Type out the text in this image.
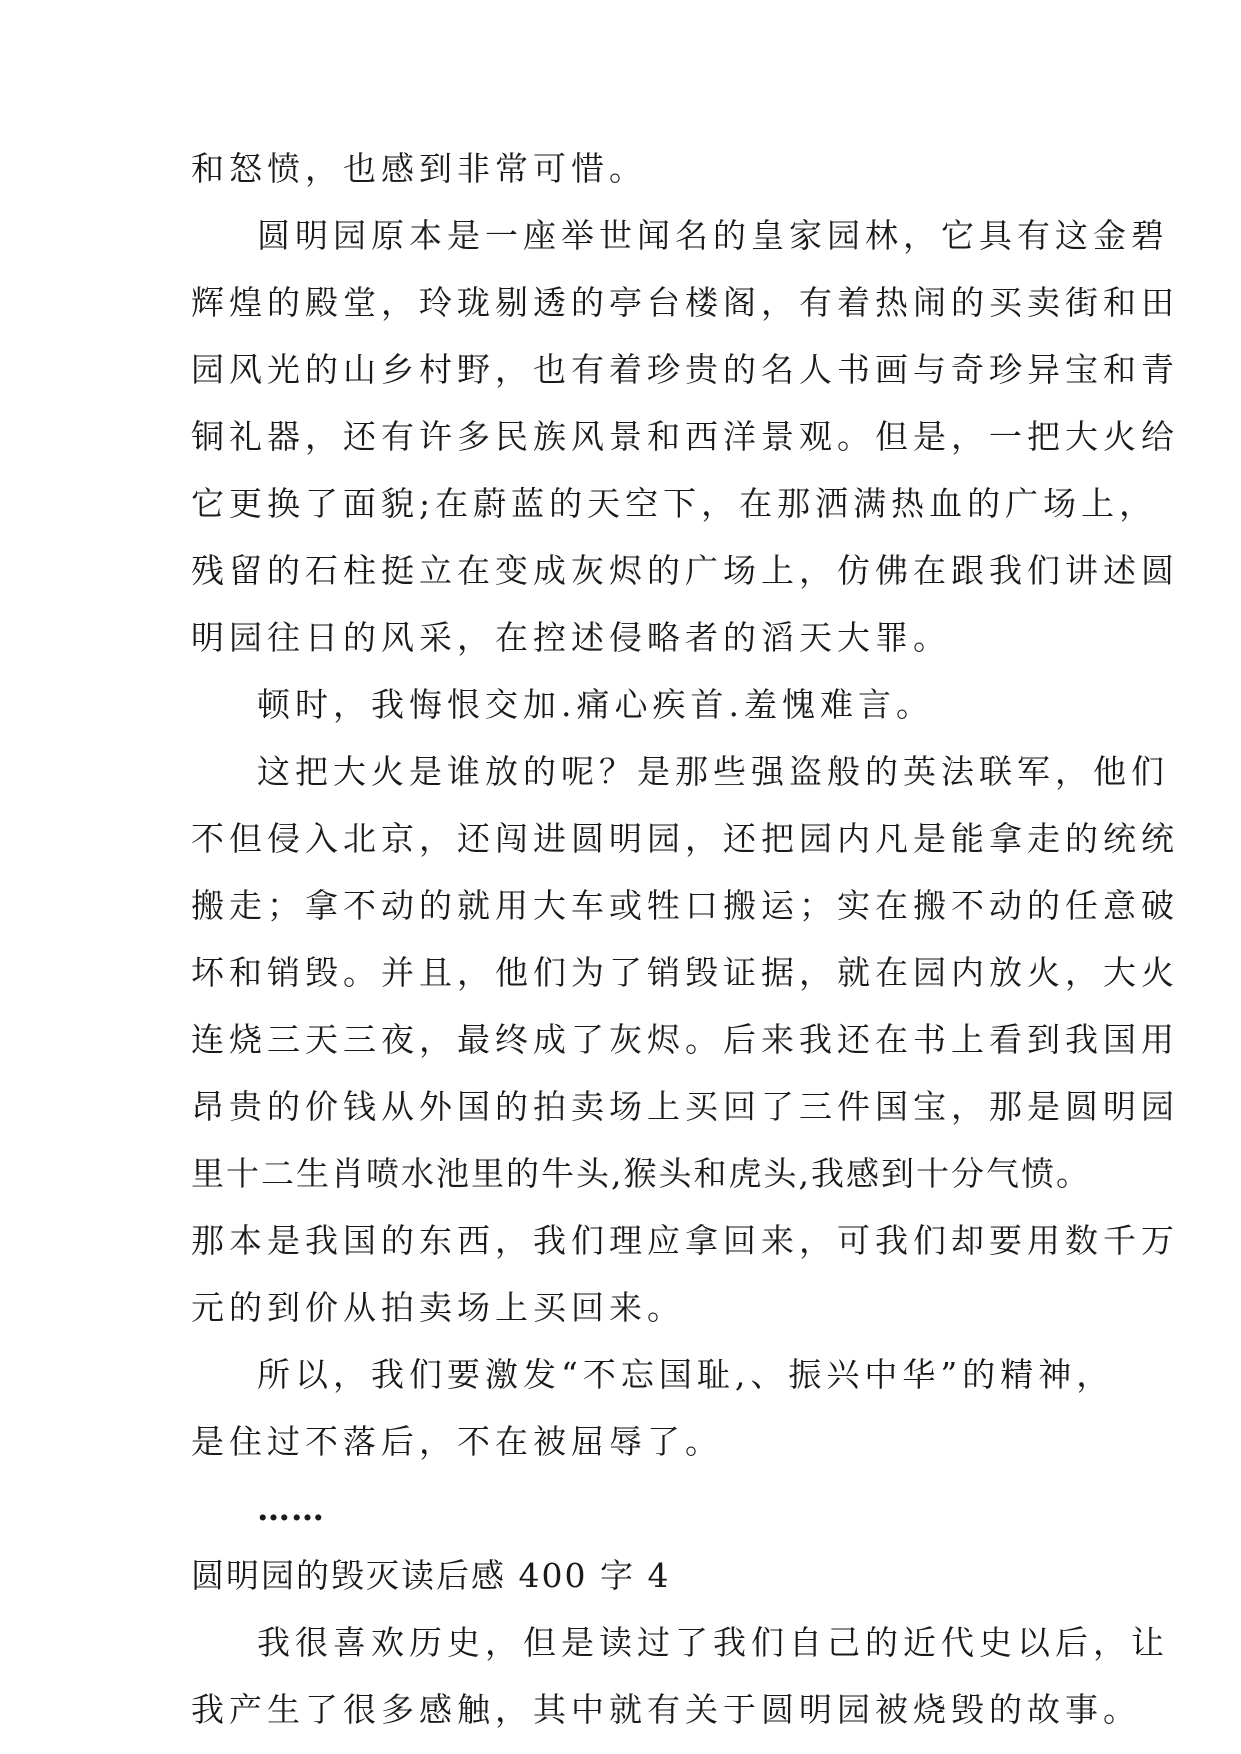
和怒愤，也感到非常可惜。
圆明园原本是一座举世闻名的皇家园林，它具有这金碧
辉煌的殿堂，玲珑剔透的亭台楼阁，有着热闹的买卖街和田
园风光的山乡村野，也有着珍贵的名人书画与奇珍异宝和青
铜礼器，还有许多民族风景和西洋景观。但是，一把大火给
它更换了面貌;在蔚蓝的天空下，在那洒满热血的广场上，
残留的石柱挺立在变成灰烬的广场上，仿佛在跟我们讲述圆
明园往日的风采，在控述侵略者的滔天大罪。
顿时，我悔恨交加.痛心疾首.羞愧难言。
这把大火是谁放的呢？是那些强盗般的英法联军，他们
不但侵入北京，还闯进圆明园，还把园内凡是能拿走的统统
搬走；拿不动的就用大车或牲口搬运；实在搬不动的任意破
坏和销毁。并且，他们为了销毁证据，就在园内放火，大火
连烧三天三夜，最终成了灰烬。后来我还在书上看到我国用
昂贵的价钱从外国的拍卖场上买回了三件国宝，那是圆明园
里十二生肖喷水池里的牛头,猴头和虎头,我感到十分气愤。
那本是我国的东西，我们理应拿回来，可我们却要用数千万
元的到价从拍卖场上买回来。
所以，我们要激发“不忘国耻,、振兴中华”的精神，
是住过不落后，不在被屈辱了。
……
圆明园的毁灭读后感 400 字 4
我很喜欢历史，但是读过了我们自己的近代史以后，让
我产生了很多感触，其中就有关于圆明园被烧毁的故事。
